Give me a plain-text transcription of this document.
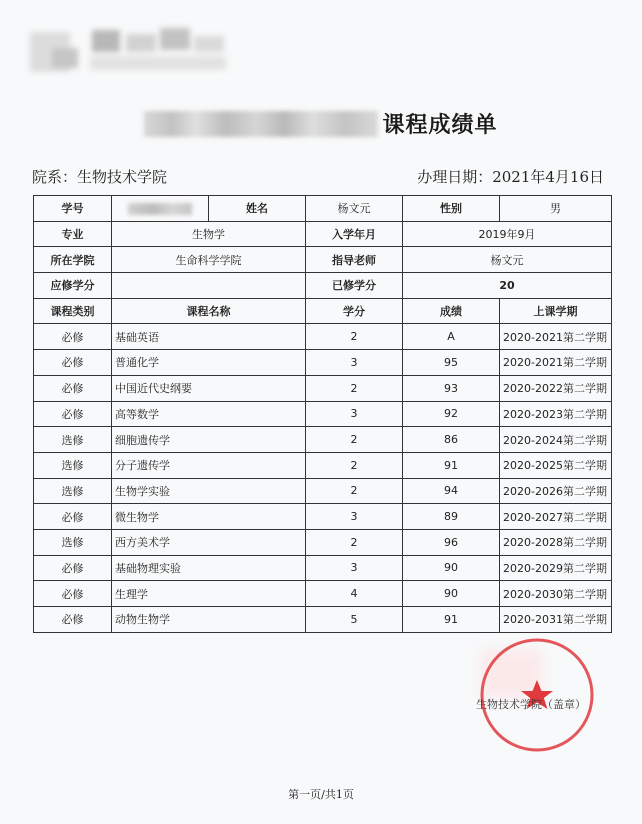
课程成绩单
院系：生物技术学院	办理日期：2021年4月16日
学号		姓名	杨文元	性别	男
专业	生物学		入学年月	2019年9月	
所在学院	生命科学学院		指导老师	杨文元	
应修学分			已修学分	20	
课程类别	课程名称		学分	成绩	上课学期
必修	基础英语		2	A	2020-2021第二学期
必修	普通化学		3	95	2020-2021第二学期
必修	中国近代史纲要		2	93	2020-2022第二学期
必修	高等数学		3	92	2020-2023第二学期
选修	细胞遗传学		2	86	2020-2024第二学期
选修	分子遗传学		2	91	2020-2025第二学期
选修	生物学实验		2	94	2020-2026第二学期
必修	微生物学		3	89	2020-2027第二学期
选修	西方美术学		2	96	2020-2028第二学期
必修	基础物理实验		3	90	2020-2029第二学期
必修	生理学		4	90	2020-2030第二学期
必修	动物生物学		5	91	2020-2031第二学期
生物技术学院（盖章）
第一页/共1页
